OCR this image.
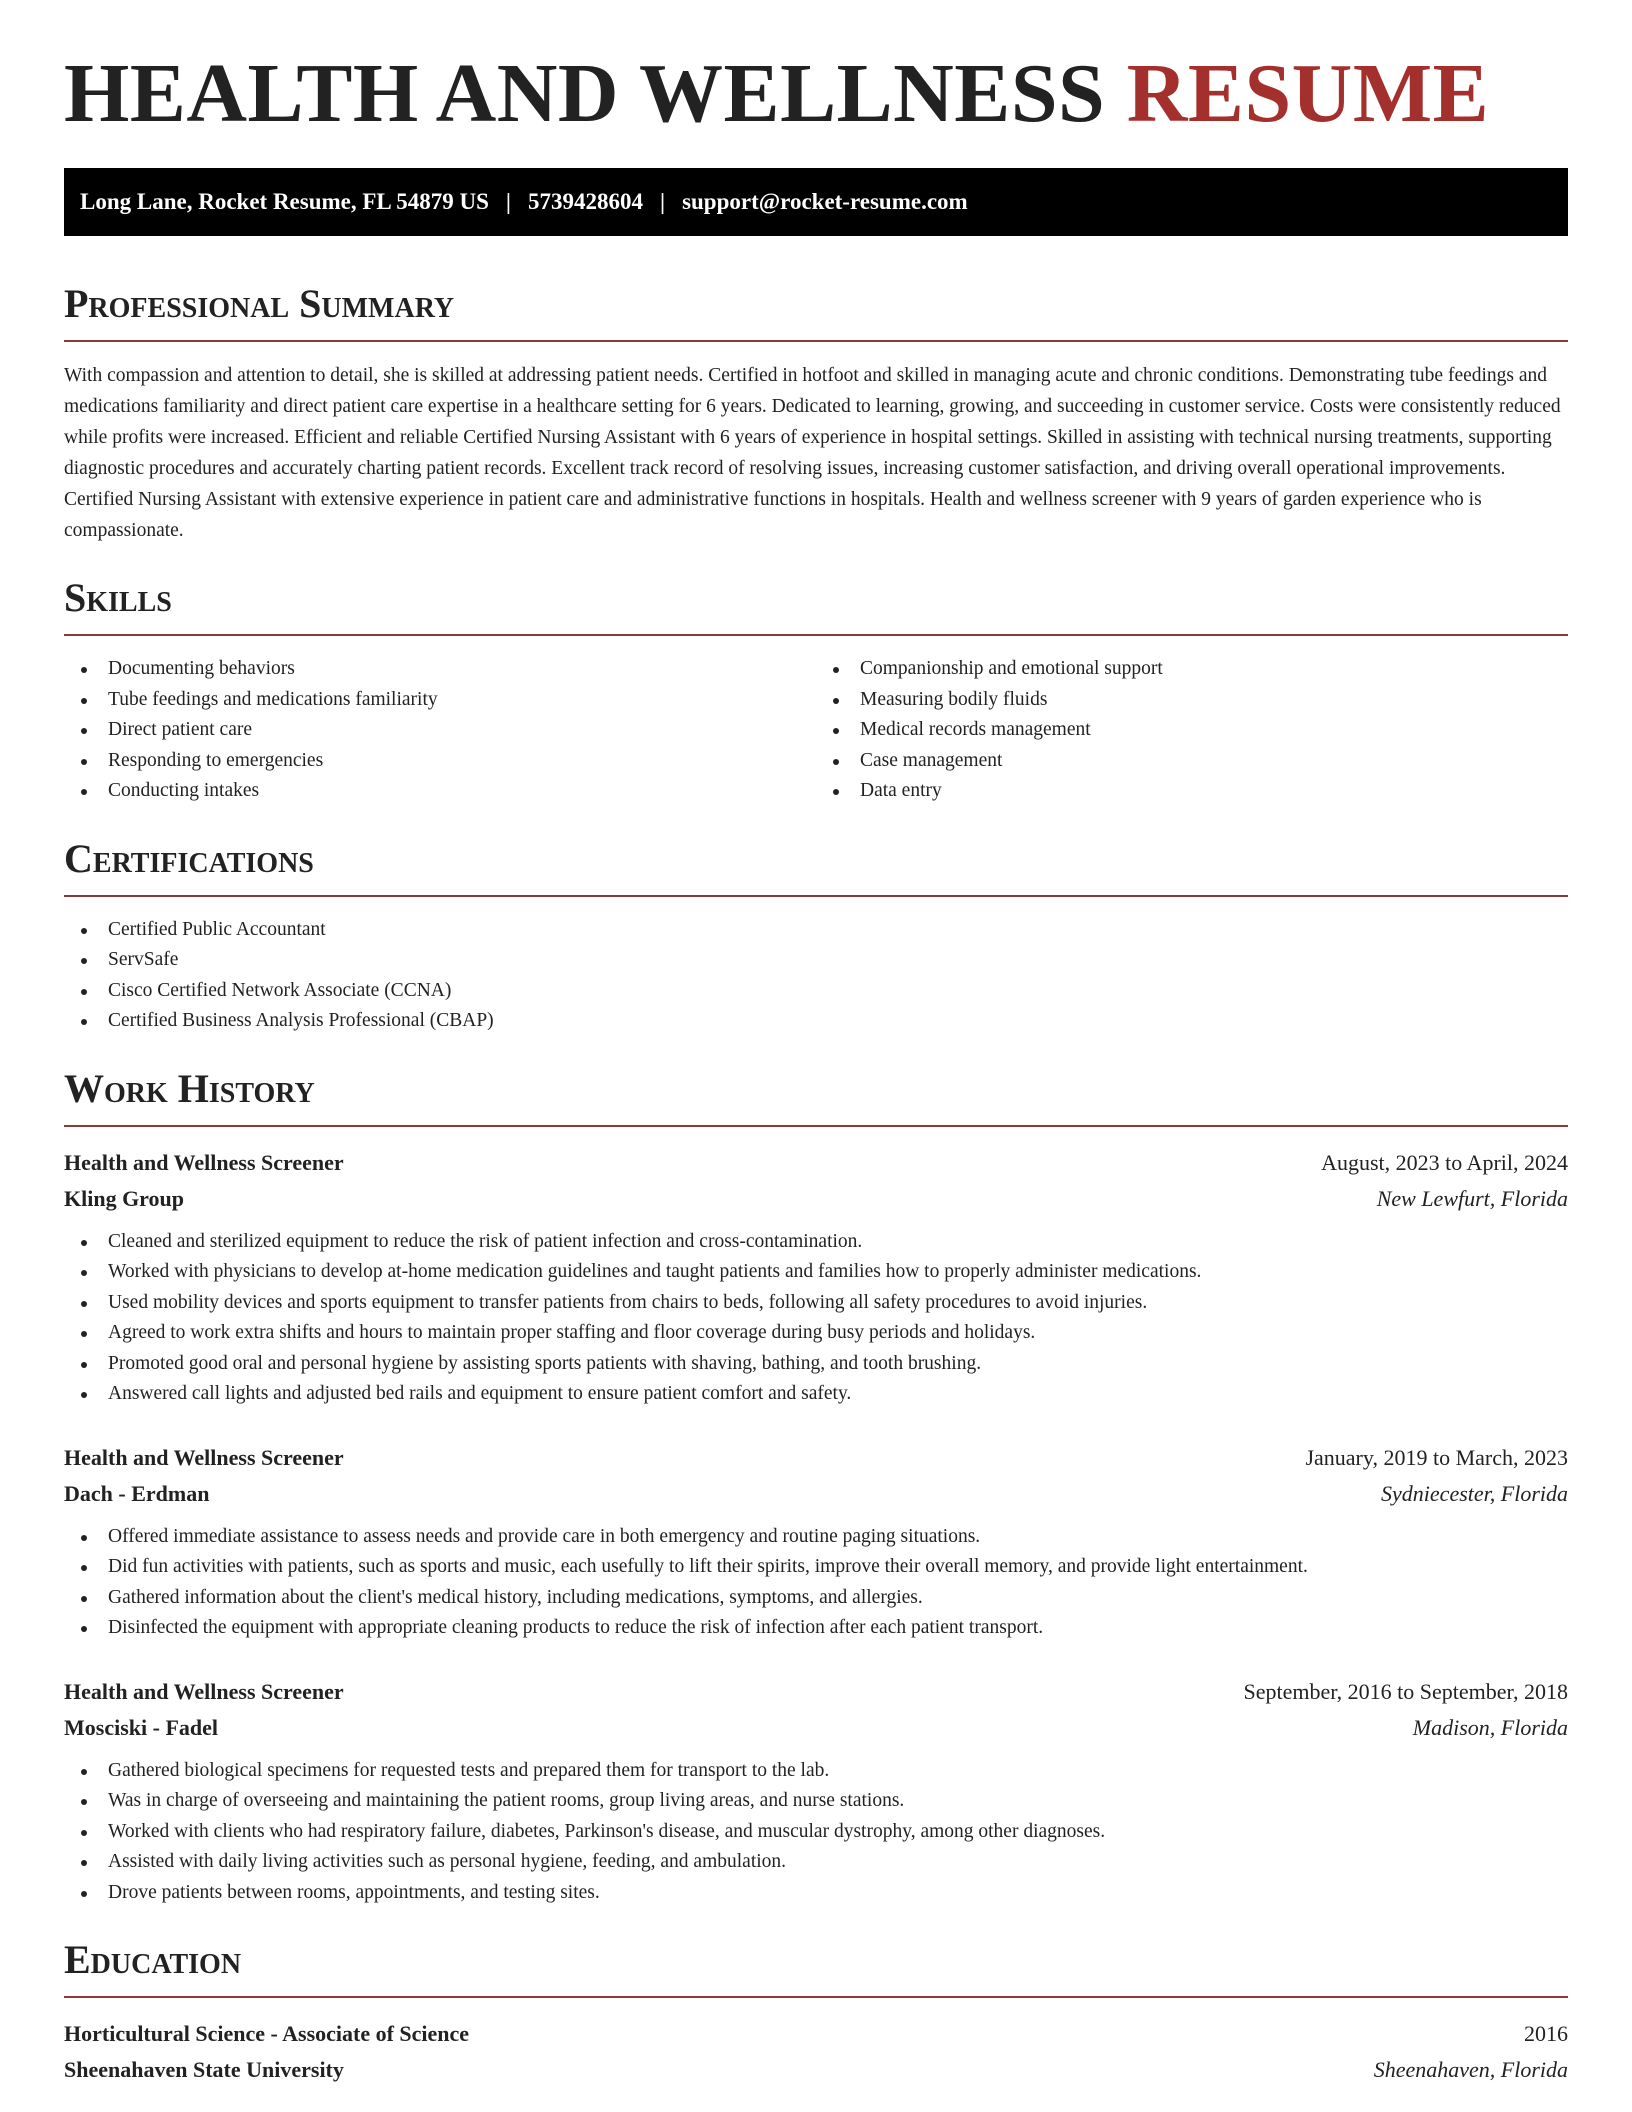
HEALTH AND WELLNESS RESUME
Long Lane, Rocket Resume, FL 54879 US | 5739428604 | support@rocket-resume.com
Professional Summary

With compassion and attention to detail, she is skilled at addressing patient needs. Certified in hotfoot and skilled in managing acute and chronic conditions. Demonstrating tube feedings and medications familiarity and direct patient care expertise in a healthcare setting for 6 years. Dedicated to learning, growing, and succeeding in customer service. Costs were consistently reduced while profits were increased. Efficient and reliable Certified Nursing Assistant with 6 years of experience in hospital settings. Skilled in assisting with technical nursing treatments, supporting diagnostic procedures and accurately charting patient records. Excellent track record of resolving issues, increasing customer satisfaction, and driving overall operational improvements. Certified Nursing Assistant with extensive experience in patient care and administrative functions in hospitals. Health and wellness screener with 9 years of garden experience who is compassionate.

Skills
Documenting behaviors
Tube feedings and medications familiarity
Direct patient care
Responding to emergencies
Conducting intakes
Companionship and emotional support
Measuring bodily fluids
Medical records management
Case management
Data entry
Certifications
Certified Public Accountant
ServSafe
Cisco Certified Network Associate (CCNA)
Certified Business Analysis Professional (CBAP)
Work History
Health and Wellness Screener	August, 2023 to April, 2024
Kling Group	New Lewfurt, Florida
Cleaned and sterilized equipment to reduce the risk of patient infection and cross-contamination.
Worked with physicians to develop at-home medication guidelines and taught patients and families how to properly administer medications.
Used mobility devices and sports equipment to transfer patients from chairs to beds, following all safety procedures to avoid injuries.
Agreed to work extra shifts and hours to maintain proper staffing and floor coverage during busy periods and holidays.
Promoted good oral and personal hygiene by assisting sports patients with shaving, bathing, and tooth brushing.
Answered call lights and adjusted bed rails and equipment to ensure patient comfort and safety.
Health and Wellness Screener	January, 2019 to March, 2023
Dach - Erdman	Sydniecester, Florida
Offered immediate assistance to assess needs and provide care in both emergency and routine paging situations.
Did fun activities with patients, such as sports and music, each usefully to lift their spirits, improve their overall memory, and provide light entertainment.
Gathered information about the client's medical history, including medications, symptoms, and allergies.
Disinfected the equipment with appropriate cleaning products to reduce the risk of infection after each patient transport.
Health and Wellness Screener	September, 2016 to September, 2018
Mosciski - Fadel	Madison, Florida
Gathered biological specimens for requested tests and prepared them for transport to the lab.
Was in charge of overseeing and maintaining the patient rooms, group living areas, and nurse stations.
Worked with clients who had respiratory failure, diabetes, Parkinson's disease, and muscular dystrophy, among other diagnoses.
Assisted with daily living activities such as personal hygiene, feeding, and ambulation.
Drove patients between rooms, appointments, and testing sites.
Education
Horticultural Science - Associate of Science	2016
Sheenahaven State University	Sheenahaven, Florida
